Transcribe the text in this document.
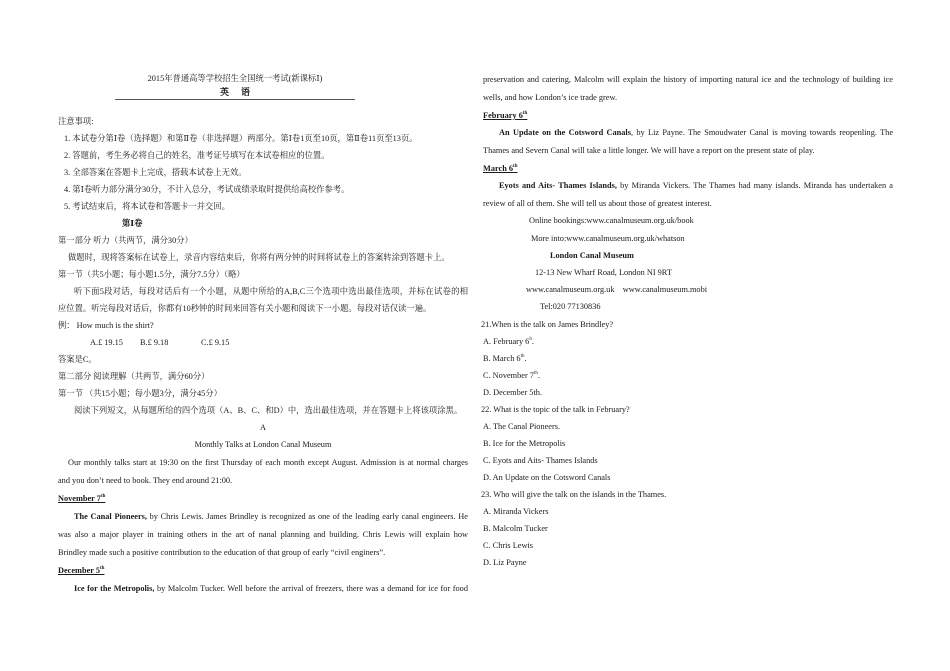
2015年普通高等学校招生全国统一考试(新课标Ⅰ)
英语
注意事项:
1. 本试卷分第Ⅰ卷（选择题）和第Ⅱ卷（非选择题）两部分。第Ⅰ卷1页至10页，第Ⅱ卷11页至13页。
2. 答题前，考生务必将自己的姓名，准考证号填写在本试卷相应的位置。
3. 全部答案在答题卡上完成，搭载本试卷上无效。
4. 第Ⅰ卷听力部分满分30分，不计入总分，考试成绩录取时提供给高校作参考。
5. 考试结束后，将本试卷和答题卡一并交回。
第Ⅰ卷
第一部分 听力（共两节，满分30分）
做题时，现将答案标在试卷上，录音内容结束后，你将有两分钟的时间将试卷上的答案转涂到答题卡上。
第一节（共5小题；每小题1.5分，满分7.5分）（略）
听下面5段对话，每段对话后有一个小题，从题中所给的A,B,C三个选项中选出最佳选项，并标在试卷的相
应位置。听完每段对话后，你都有10秒钟的时间来回答有关小题和阅读下一小题。每段对话仅读一遍。
例： How much is the shirt?
A.£ 19.15 B.£ 9.18	C.£ 9.15
答案是C。
第二部分 阅读理解（共两节，满分60分）
第一节 （共15小题；每小题3分，满分45分）
阅读下列短文，从每题所给的四个选项（A、B、C、和D）中，选出最佳选项，并在答题卡上将该项涂黑。
A
Monthly Talks at London Canal Museum
Our monthly talks start at 19:30 on the first Thursday of each month except August. Admission is at normal charges
and you don’t need to book. They end around 21:00.
November 7th
The Canal Pioneers, by Chris Lewis. James Brindley is recognized as one of the leading early canal engineers. He
was also a major player in training others in the art of nanal planning and building. Chris Lewis will explain how
Brindley made such a positive contribution to the education of that group of early “civil enginers”.
December 5th
Ice for the Metropolis, by Malcolm Tucker. Well before the arrival of freezers, there was a demand for ice for food
preservation and catering, Malcolm will explain the history of importing natural ice and the technology of building ice
wells, and how London’s ice trade grew.
February 6th
An Update on the Cotsword Canals, by Liz Payne. The Smoudwater Canal is moving towards reopenling. The
Thames and Severn Canal will take a little longer. We will have a report on the present state of play.
March 6th
Eyots and Aits- Thames Islands, by Miranda Vickers. The Thames had many islands. Miranda has undertaken a
review of all of them. She will tell us about those of greatest interest.
Online bookings:www.canalmuseum.org.uk/book
More into:www.canalmuseum.org.uk/whatson
London Canal Museum
12-13 New Wharf Road, London NI 9RT
www.canalmuseum.org.uk    www.canalmuseum.mobi
Tel:020 77130836
21.When is the talk on James Brindley?
A. February 6$^h$.
B. March 6th.
C. November 7th.
D. December 5th.
22. What is the topic of the talk in February?
A. The Canal Pioneers.
B. Ice for the Metropolis
C. Eyots and Aits- Thames Islands
D. An Update on the Cotsword Canals
23. Who will give the talk on the islands in the Thames.
A. Miranda Vickers
B. Malcolm Tucker
C. Chris Lewis
D. Liz Payne
